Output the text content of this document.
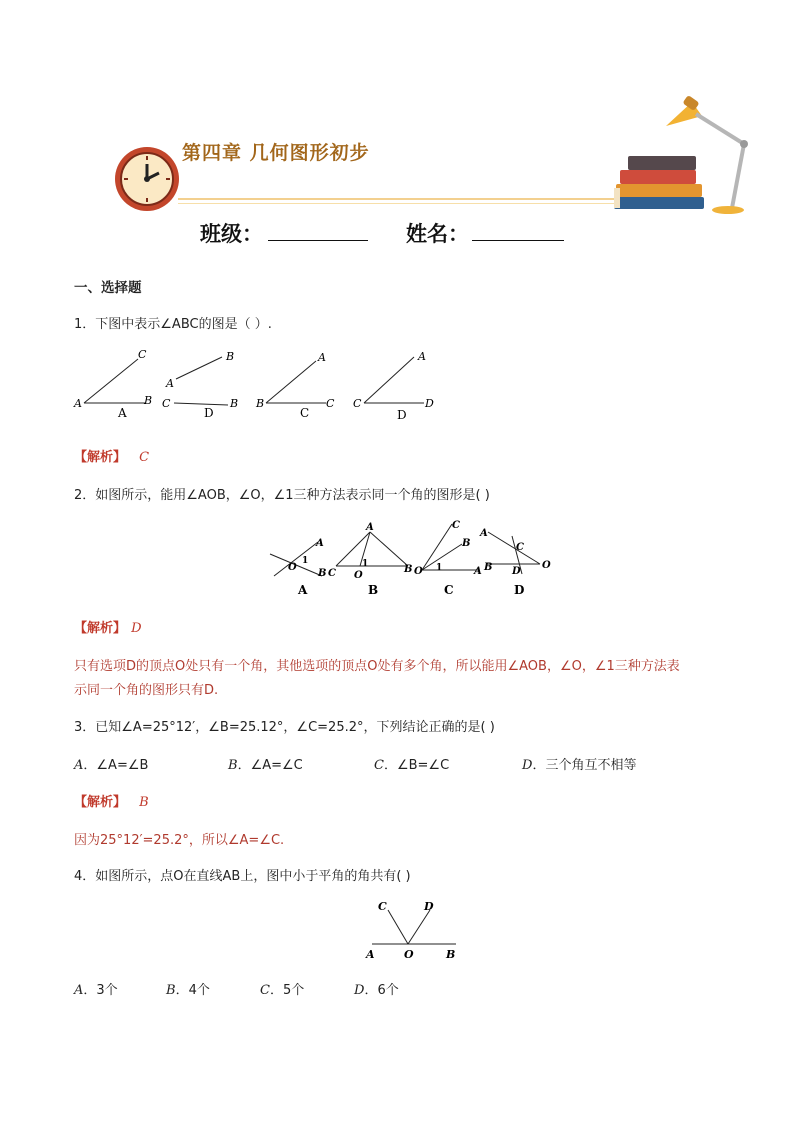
第四章 几何图形初步
班级：	姓名：
一、选择题
1．下图中表示∠ABC的图是（ ）.
C
A	B
A
B
A
C	B
D
A
B	C
C
A
C	D
D
【解析】 C
2．如图所示，能用∠AOB，∠O，∠1三种方法表示同一个角的图形是( )
A
O
1
B
A
A
C O
1	B
B
C
B
O 1	A
C
A
C
B D
O
D
【解析】 D
只有选项D的顶点O处只有一个角，其他选项的顶点O处有多个角，所以能用∠AOB，∠O，∠1三种方法表
示同一个角的图形只有D.
3．已知∠A=25°12′，∠B=25.12°，∠C=25.2°，下列结论正确的是( )
A．∠A=∠B	B．∠A=∠C	C．∠B=∠C	D．三个角互不相等
【解析】 B
因为25°12′=25.2°，所以∠A=∠C.
4．如图所示，点O在直线AB上，图中小于平角的角共有( )
C	D
A	O	B
A．3个	B．4个	C．5个	D．6个
